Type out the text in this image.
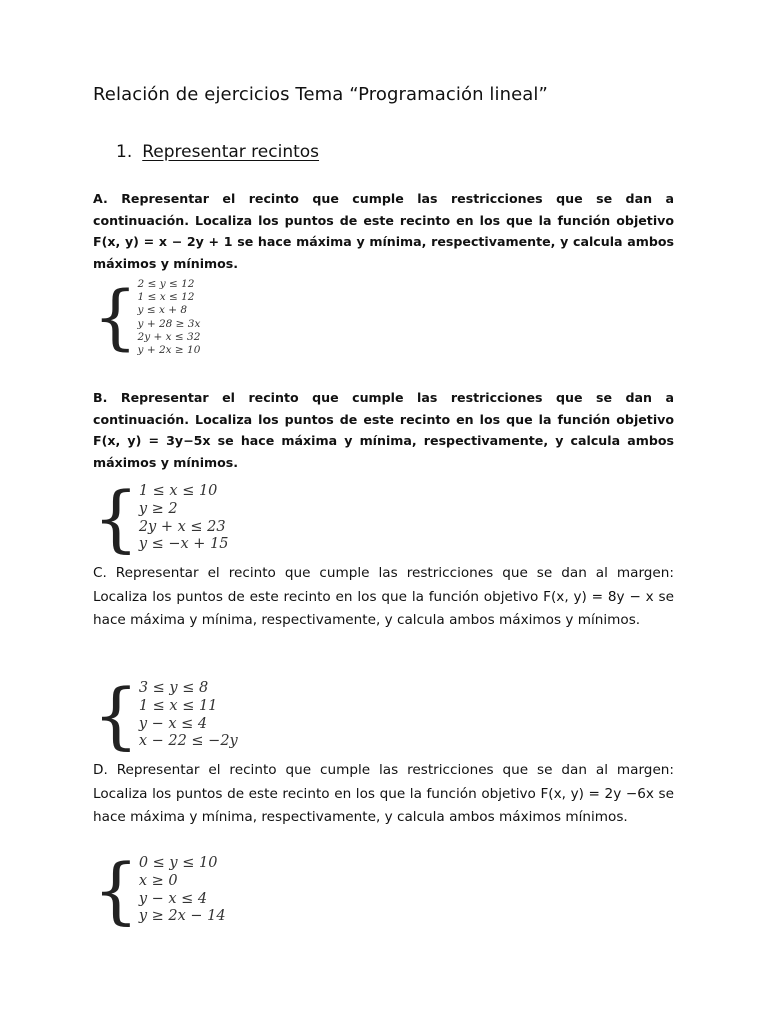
Relación de ejercicios Tema “Programación lineal”
1. Representar recintos

A. Representar el recinto que cumple las restricciones que se dan a continuación. Localiza los puntos de este recinto en los que la función objetivo F(x, y) = x − 2y + 1 se hace máxima y mínima, respectivamente, y calcula ambos máximos y mínimos.

{ 2 ≤ y ≤ 12
1 ≤ x ≤ 12
y ≤ x + 8
y + 28 ≥ 3x
2y + x ≤ 32
y + 2x ≥ 10

B. Representar el recinto que cumple las restricciones que se dan a continuación. Localiza los puntos de este recinto en los que la función objetivo F(x, y) = 3y−5x se hace máxima y mínima, respectivamente, y calcula ambos máximos y mínimos.

{ 1 ≤ x ≤ 10
y ≥ 2
2y + x ≤ 23
y ≤ −x + 15

C. Representar el recinto que cumple las restricciones que se dan al margen: Localiza los puntos de este recinto en los que la función objetivo F(x, y) = 8y − x se hace máxima y mínima, respectivamente, y calcula ambos máximos y mínimos.

{ 3 ≤ y ≤ 8
1 ≤ x ≤ 11
y − x ≤ 4
x − 22 ≤ −2y

D. Representar el recinto que cumple las restricciones que se dan al margen: Localiza los puntos de este recinto en los que la función objetivo F(x, y) = 2y −6x se hace máxima y mínima, respectivamente, y calcula ambos máximos mínimos.

{ 0 ≤ y ≤ 10
x ≥ 0
y − x ≤ 4
y ≥ 2x − 14
